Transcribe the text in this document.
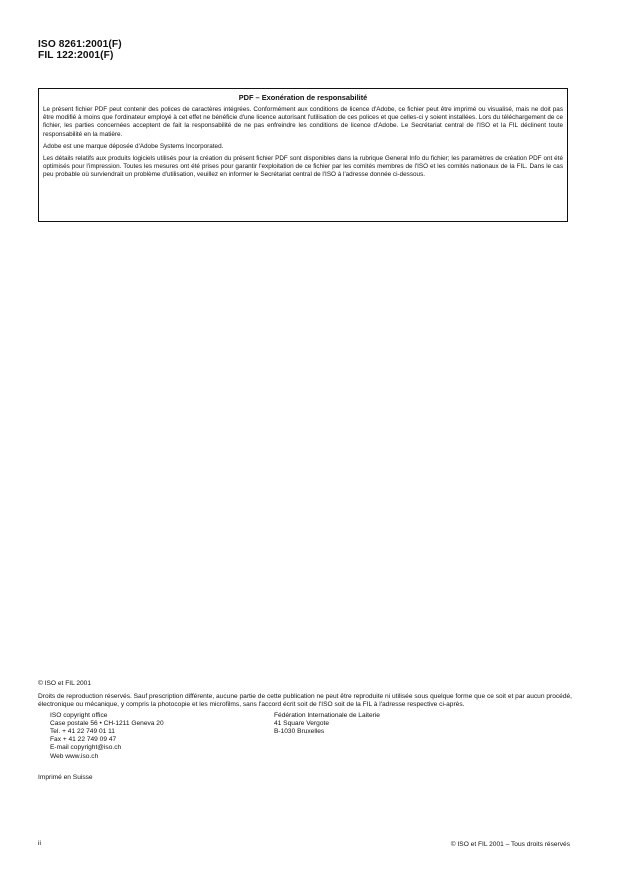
ISO 8261:2001(F)
FIL 122:2001(F)

PDF – Exonération de responsabilité

Le présent fichier PDF peut contenir des polices de caractères intégrées. Conformément aux conditions de licence d'Adobe, ce fichier peut être imprimé ou visualisé, mais ne doit pas être modifié à moins que l'ordinateur employé à cet effet ne bénéficie d'une licence autorisant l'utilisation de ces polices et que celles-ci y soient installées. Lors du téléchargement de ce fichier, les parties concernées acceptent de fait la responsabilité de ne pas enfreindre les conditions de licence d'Adobe. Le Secrétariat central de l'ISO et la FIL déclinent toute responsabilité en la matière.

Adobe est une marque déposée d'Adobe Systems Incorporated.

Les détails relatifs aux produits logiciels utilisés pour la création du présent fichier PDF sont disponibles dans la rubrique General Info du fichier; les paramètres de création PDF ont été optimisés pour l'impression. Toutes les mesures ont été prises pour garantir l'exploitation de ce fichier par les comités membres de l'ISO et les comités nationaux de la FIL. Dans le cas peu probable où surviendrait un problème d'utilisation, veuillez en informer le Secrétariat central de l'ISO à l'adresse donnée ci-dessous.

© ISO et FIL 2001

Droits de reproduction réservés. Sauf prescription différente, aucune partie de cette publication ne peut être reproduite ni utilisée sous quelque forme que ce soit et par aucun procédé, électronique ou mécanique, y compris la photocopie et les microfilms, sans l'accord écrit soit de l'ISO soit de la FIL à l'adresse respective ci-après.

ISO copyright office
Case postale 56 • CH-1211 Geneva 20
Tel. + 41 22 749 01 11
Fax + 41 22 749 09 47
E-mail copyright@iso.ch
Web www.iso.ch
Fédération Internationale de Laiterie
41 Square Vergote
B-1030 Bruxelles
Imprimé en Suisse
ii	© ISO et FIL 2001 – Tous droits réservés
